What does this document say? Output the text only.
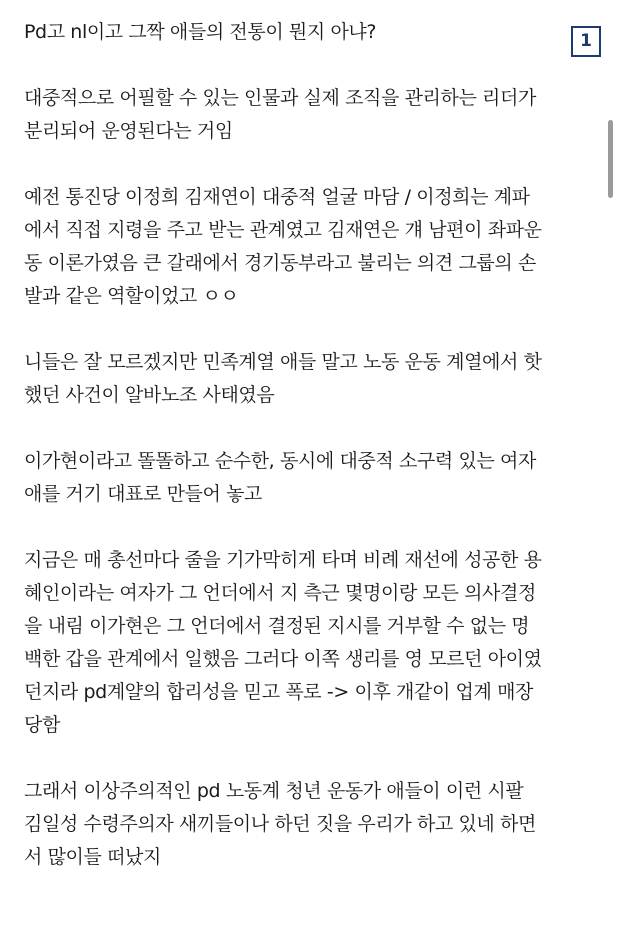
Pd고 nl이고 그짝 애들의 전통이 뭔지 아냐?

대중적으로 어필할 수 있는 인물과 실제 조직을 관리하는 리더가
분리되어 운영된다는 거임

예전 통진당 이정희 김재연이 대중적 얼굴 마담 / 이정희는 계파
에서 직접 지령을 주고 받는 관계였고 김재연은 걔 남편이 좌파운
동 이론가였음 큰 갈래에서 경기동부라고 불리는 의견 그룹의 손
발과 같은 역할이었고 ㅇㅇ

니들은 잘 모르겠지만 민족계열 애들 말고 노동 운동 계열에서 핫
했던 사건이 알바노조 사태였음

이가현이라고 똘똘하고 순수한, 동시에 대중적 소구력 있는 여자
애를 거기 대표로 만들어 놓고

지금은 매 총선마다 줄을 기가막히게 타며 비례 재선에 성공한 용
혜인이라는 여자가 그 언더에서 지 측근 몇명이랑 모든 의사결정
을 내림 이가현은 그 언더에서 결정된 지시를 거부할 수 없는 명
백한 갑을 관계에서 일했음 그러다 이쪽 생리를 영 모르던 아이였
던지라 pd계얄의 합리성을 믿고 폭로 -> 이후 개같이 업계 매장
당함

그래서 이상주의적인 pd 노동계 청년 운동가 애들이 이런 시팔
김일성 수령주의자 새끼들이나 하던 짓을 우리가 하고 있네 하면
서 많이들 떠났지

1
